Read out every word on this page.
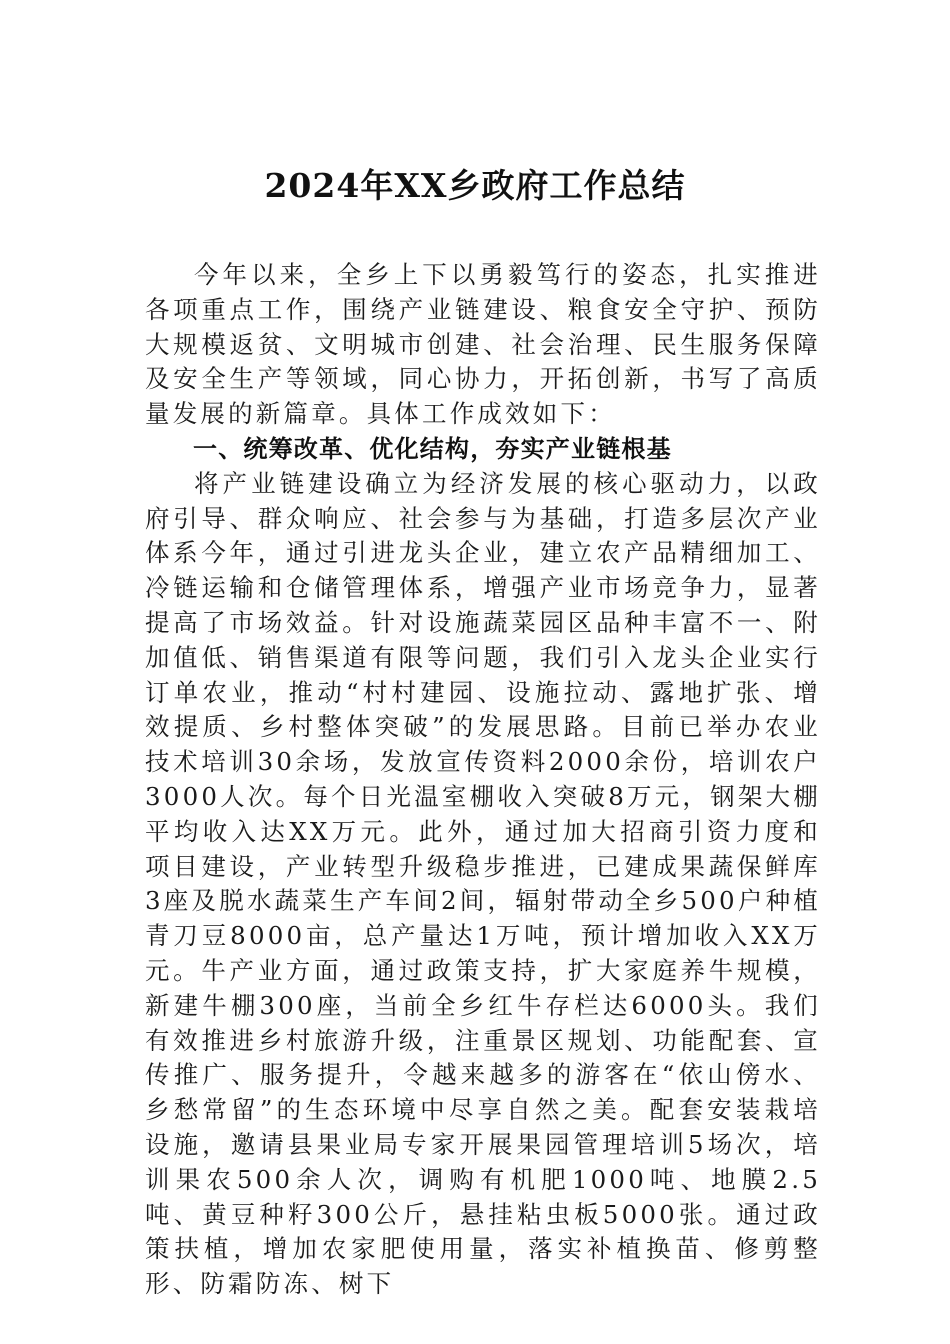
2024年XX乡政府工作总结

今年以来，全乡上下以勇毅笃行的姿态，扎实推进各项重点工作，围绕产业链建设、粮食安全守护、预防大规模返贫、文明城市创建、社会治理、民生服务保障及安全生产等领域，同心协力，开拓创新，书写了高质量发展的新篇章。具体工作成效如下：

一、统筹改革、优化结构，夯实产业链根基

将产业链建设确立为经济发展的核心驱动力，以政府引导、群众响应、社会参与为基础，打造多层次产业体系今年，通过引进龙头企业，建立农产品精细加工、冷链运输和仓储管理体系，增强产业市场竞争力，显著提高了市场效益。针对设施蔬菜园区品种丰富不一、附加值低、销售渠道有限等问题，我们引入龙头企业实行订单农业，推动“村村建园、设施拉动、露地扩张、增效提质、乡村整体突破”的发展思路。目前已举办农业技术培训30余场，发放宣传资料2000余份，培训农户3000人次。每个日光温室棚收入突破8万元，钢架大棚平均收入达XX万元。此外，通过加大招商引资力度和项目建设，产业转型升级稳步推进，已建成果蔬保鲜库3座及脱水蔬菜生产车间2间，辐射带动全乡500户种植青刀豆8000亩，总产量达1万吨，预计增加收入XX万元。牛产业方面，通过政策支持，扩大家庭养牛规模，新建牛棚300座，当前全乡红牛存栏达6000头。我们有效推进乡村旅游升级，注重景区规划、功能配套、宣传推广、服务提升，令越来越多的游客在“依山傍水、乡愁常留”的生态环境中尽享自然之美。配套安装栽培设施，邀请县果业局专家开展果园管理培训5场次，培训果农500余人次，调购有机肥1000吨、地膜2.5吨、黄豆种籽300公斤，悬挂粘虫板5000张。通过政策扶植，增加农家肥使用量，落实补植换苗、修剪整形、防霜防冻、树下
